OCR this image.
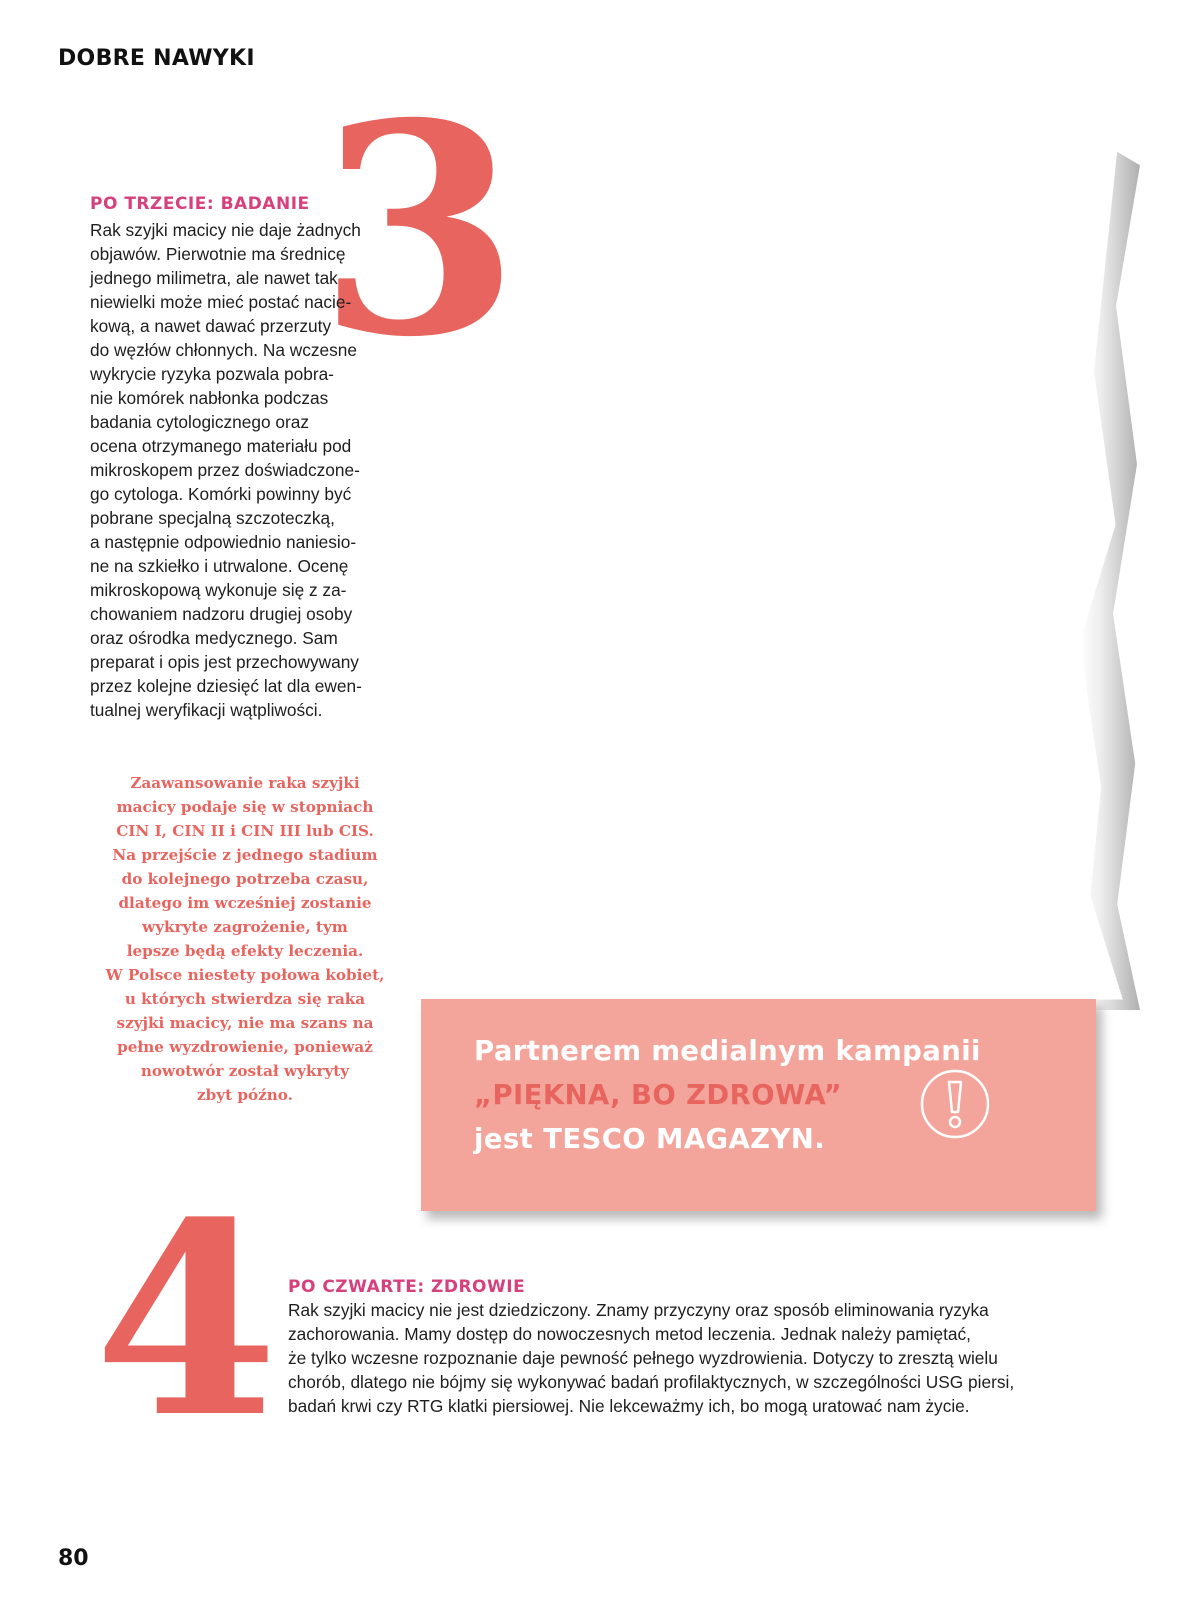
DOBRE NAWYKI
3
PO TRZECIE: BADANIE
Rak szyjki macicy nie daje żadnych
objawów. Pierwotnie ma średnicę
jednego milimetra, ale nawet tak
niewielki może mieć postać nacie-
kową, a nawet dawać przerzuty
do węzłów chłonnych. Na wczesne
wykrycie ryzyka pozwala pobra-
nie komórek nabłonka podczas
badania cytologicznego oraz
ocena otrzymanego materiału pod
mikroskopem przez doświadczone-
go cytologa. Komórki powinny być
pobrane specjalną szczoteczką,
a następnie odpowiednio naniesio-
ne na szkiełko i utrwalone. Ocenę
mikroskopową wykonuje się z za-
chowaniem nadzoru drugiej osoby
oraz ośrodka medycznego. Sam
preparat i opis jest przechowywany
przez kolejne dziesięć lat dla ewen-
tualnej weryfikacji wątpliwości.
Zaawansowanie raka szyjki
macicy podaje się w stopniach
CIN I, CIN II i CIN III lub CIS.
Na przejście z jednego stadium
do kolejnego potrzeba czasu,
dlatego im wcześniej zostanie
wykryte zagrożenie, tym
lepsze będą efekty leczenia.
W Polsce niestety połowa kobiet,
u których stwierdza się raka
szyjki macicy, nie ma szans na
pełne wyzdrowienie, ponieważ
nowotwór został wykryty
zbyt późno.
Partnerem medialnym kampanii
„PIĘKNA, BO ZDROWA”
jest TESCO MAGAZYN.
4 PO CZWARTE: ZDROWIE
Rak szyjki macicy nie jest dziedziczony. Znamy przyczyny oraz sposób eliminowania ryzyka
zachorowania. Mamy dostęp do nowoczesnych metod leczenia. Jednak należy pamiętać,
że tylko wczesne rozpoznanie daje pewność pełnego wyzdrowienia. Dotyczy to zresztą wielu
chorób, dlatego nie bójmy się wykonywać badań profilaktycznych, w szczególności USG piersi,
badań krwi czy RTG klatki piersiowej. Nie lekceważmy ich, bo mogą uratować nam życie.
80
